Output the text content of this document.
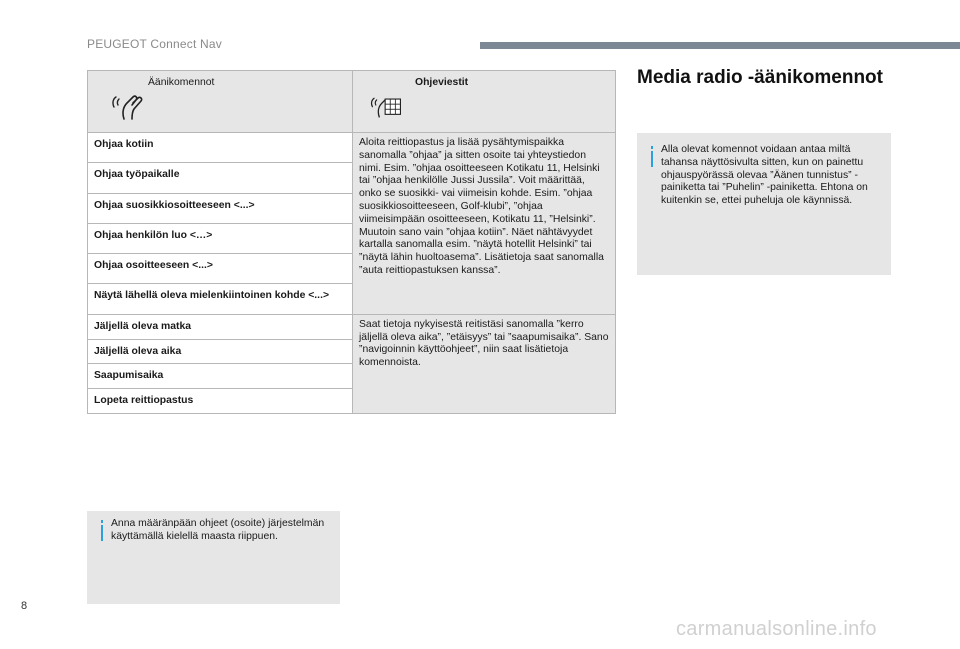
PEUGEOT Connect Nav
Äänikomennot	Ohjeviestit

Ohjaa kotiin	Aloita reittiopastus ja lisää pysähtymispaikka sanomalla ”ohjaa” ja sitten osoite tai yhteystiedon nimi. Esim. ”ohjaa osoitteeseen Kotikatu 11, Helsinki tai ”ohjaa henkilölle Jussi Jussila”. Voit määrittää, onko se suosikki- vai viimeisin kohde. Esim. ”ohjaa suosikkiosoitteeseen, Golf-klubi”, ”ohjaa viimeisimpään osoitteeseen, Kotikatu 11, ”Helsinki”. Muutoin sano vain ”ohjaa kotiin”. Näet nähtävyydet kartalla sanomalla esim. ”näytä hotellit Helsinki” tai ”näytä lähin huoltoasema”. Lisätietoja saat sanomalla ”auta reittiopastuksen kanssa”.

Ohjaa työpaikalle	

Ohjaa suosikkiosoitteeseen <...>	

Ohjaa henkilön luo <…>	

Ohjaa osoitteeseen <...>	

Näytä lähellä oleva mielenkiintoinen kohde <...>	

Jäljellä oleva matka	Saat tietoja nykyisestä reitistäsi sanomalla ”kerro jäljellä oleva aika”, ”etäisyys” tai ”saapumisaika”. Sano ”navigoinnin käyttöohjeet”, niin saat lisätietoja komennoista.

Jäljellä oleva aika	

Saapumisaika	

Lopeta reittiopastus	
Anna määränpään ohjeet (osoite) järjestelmän käyttämällä kielellä maasta riippuen.
Media radio -äänikomennot
Alla olevat komennot voidaan antaa miltä tahansa näyttösivulta sitten, kun on painettu ohjauspyörässä olevaa ”Äänen tunnistus” -painiketta tai ”Puhelin” -painiketta. Ehtona on kuitenkin se, ettei puheluja ole käynnissä.
8
carmanualsonline.info
